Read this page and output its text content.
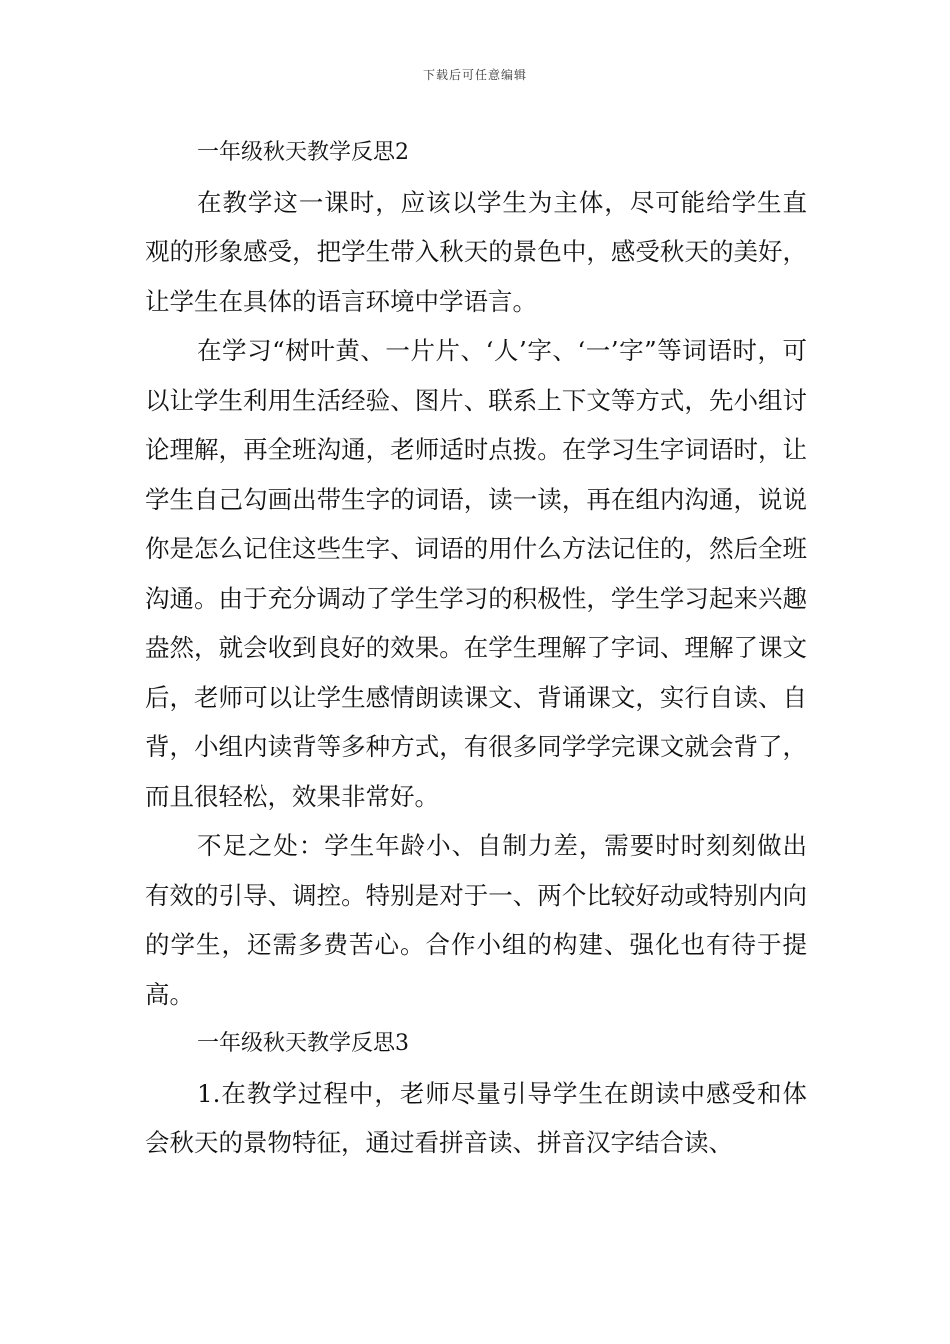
下载后可任意编辑

一年级秋天教学反思2

在教学这一课时，应该以学生为主体，尽可能给学生直观的形象感受，把学生带入秋天的景色中，感受秋天的美好，让学生在具体的语言环境中学语言。

在学习“树叶黄、一片片、‘人’字、‘一’字”等词语时，可以让学生利用生活经验、图片、联系上下文等方式，先小组讨论理解，再全班沟通，老师适时点拨。在学习生字词语时，让学生自己勾画出带生字的词语，读一读，再在组内沟通，说说你是怎么记住这些生字、词语的用什么方法记住的，然后全班沟通。由于充分调动了学生学习的积极性，学生学习起来兴趣盎然，就会收到良好的效果。在学生理解了字词、理解了课文后，老师可以让学生感情朗读课文、背诵课文，实行自读、自背，小组内读背等多种方式，有很多同学学完课文就会背了，而且很轻松，效果非常好。

不足之处：学生年龄小、自制力差，需要时时刻刻做出有效的引导、调控。特别是对于一、两个比较好动或特别内向的学生，还需多费苦心。合作小组的构建、强化也有待于提高。

一年级秋天教学反思3

1.在教学过程中，老师尽量引导学生在朗读中感受和体会秋天的景物特征，通过看拼音读、拼音汉字结合读、
